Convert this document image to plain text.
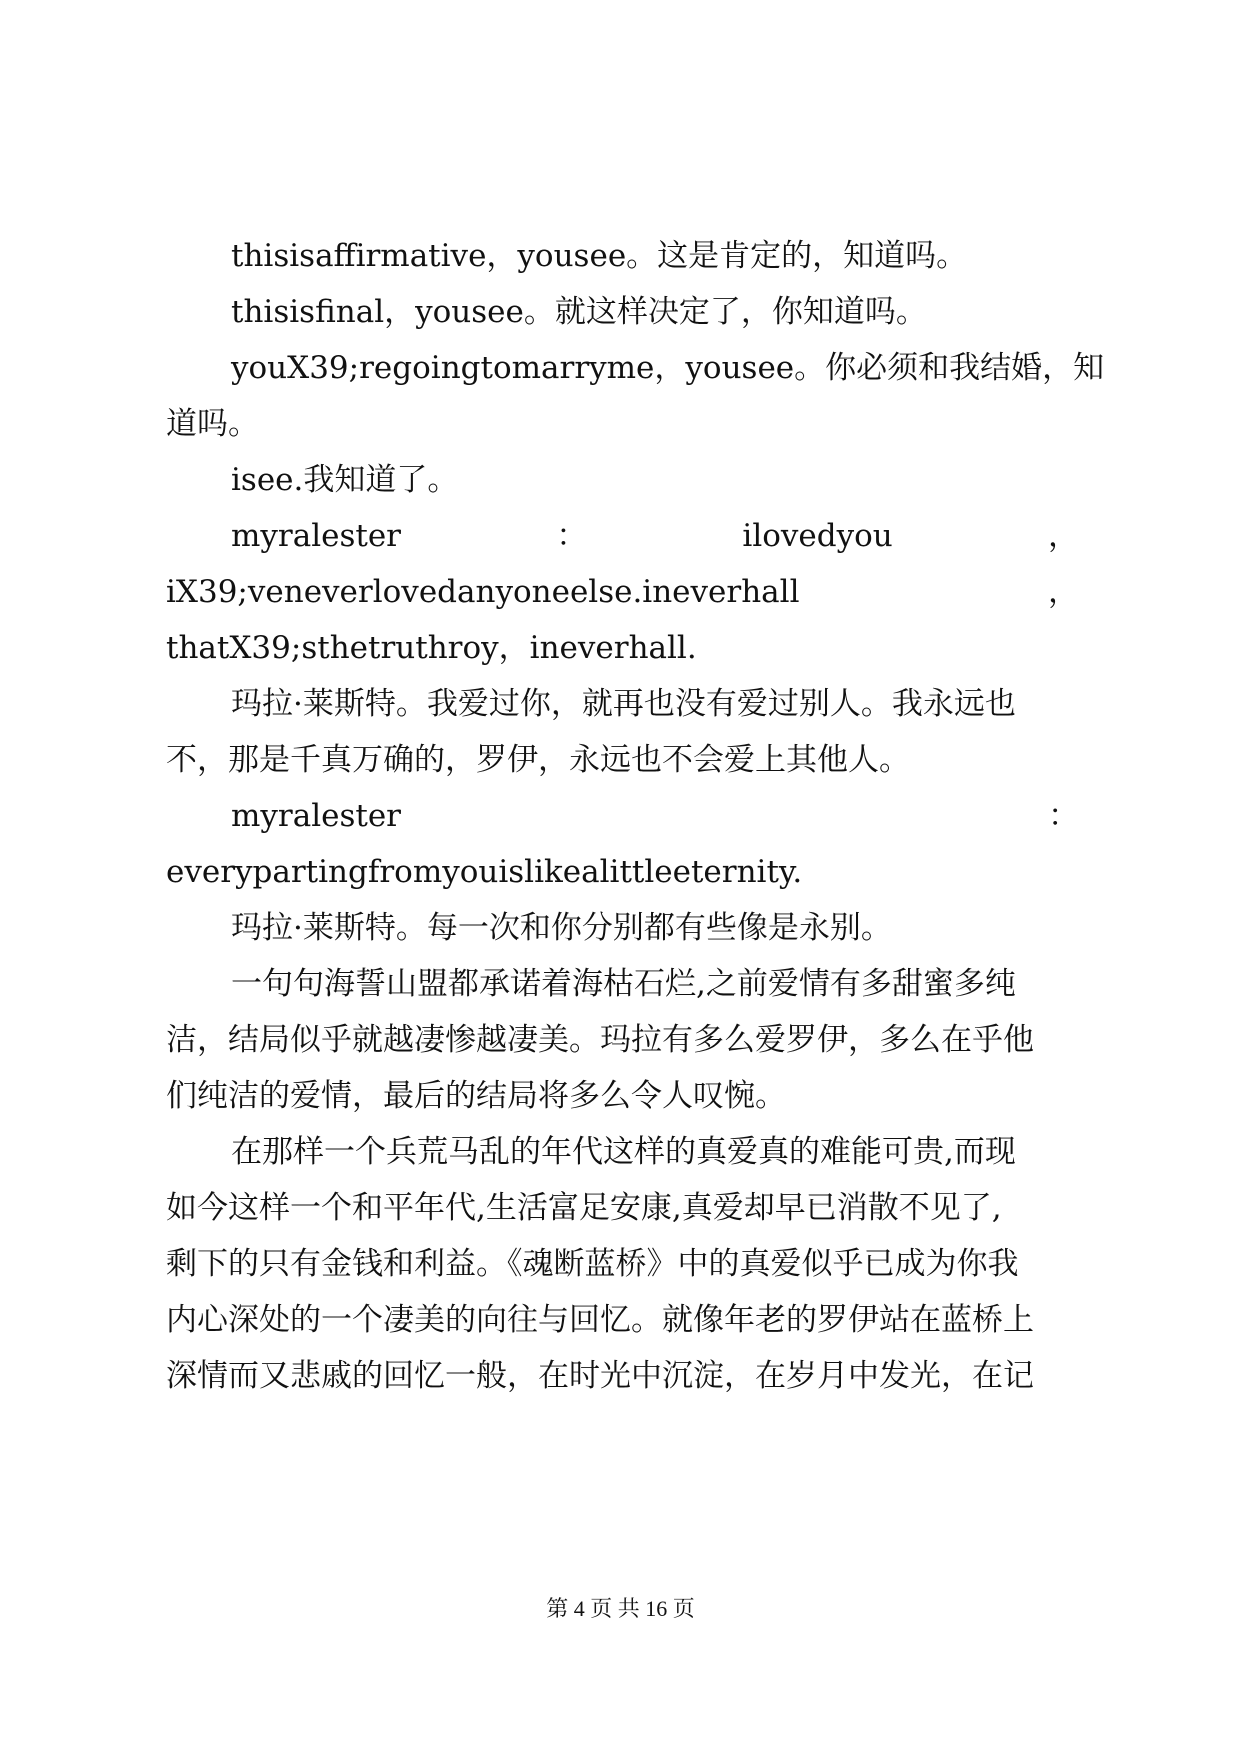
thisisaffirmative，yousee。这是肯定的，知道吗。
thisisfinal，yousee。就这样决定了，你知道吗。
youX39;regoingtomarryme，yousee。你必须和我结婚，知
道吗。
isee.我知道了。
myralester	：	ilovedyou	，
iX39;veneverlovedanyoneelse.ineverhall	，
thatX39;sthetruthroy，ineverhall.
玛拉·莱斯特。我爱过你，就再也没有爱过别人。我永远也
不，那是千真万确的，罗伊，永远也不会爱上其他人。
myralester	：
everypartingfromyouislikealittleeternity.
玛拉·莱斯特。每一次和你分别都有些像是永别。
一句句海誓山盟都承诺着海枯石烂,之前爱情有多甜蜜多纯
洁，结局似乎就越凄惨越凄美。玛拉有多么爱罗伊，多么在乎他
们纯洁的爱情，最后的结局将多么令人叹惋。
在那样一个兵荒马乱的年代这样的真爱真的难能可贵,而现
如今这样一个和平年代,生活富足安康,真爱却早已消散不见了,
剩下的只有金钱和利益。《魂断蓝桥》中的真爱似乎已成为你我
内心深处的一个凄美的向往与回忆。就像年老的罗伊站在蓝桥上
深情而又悲戚的回忆一般，在时光中沉淀，在岁月中发光，在记
第 4 页 共 16 页
